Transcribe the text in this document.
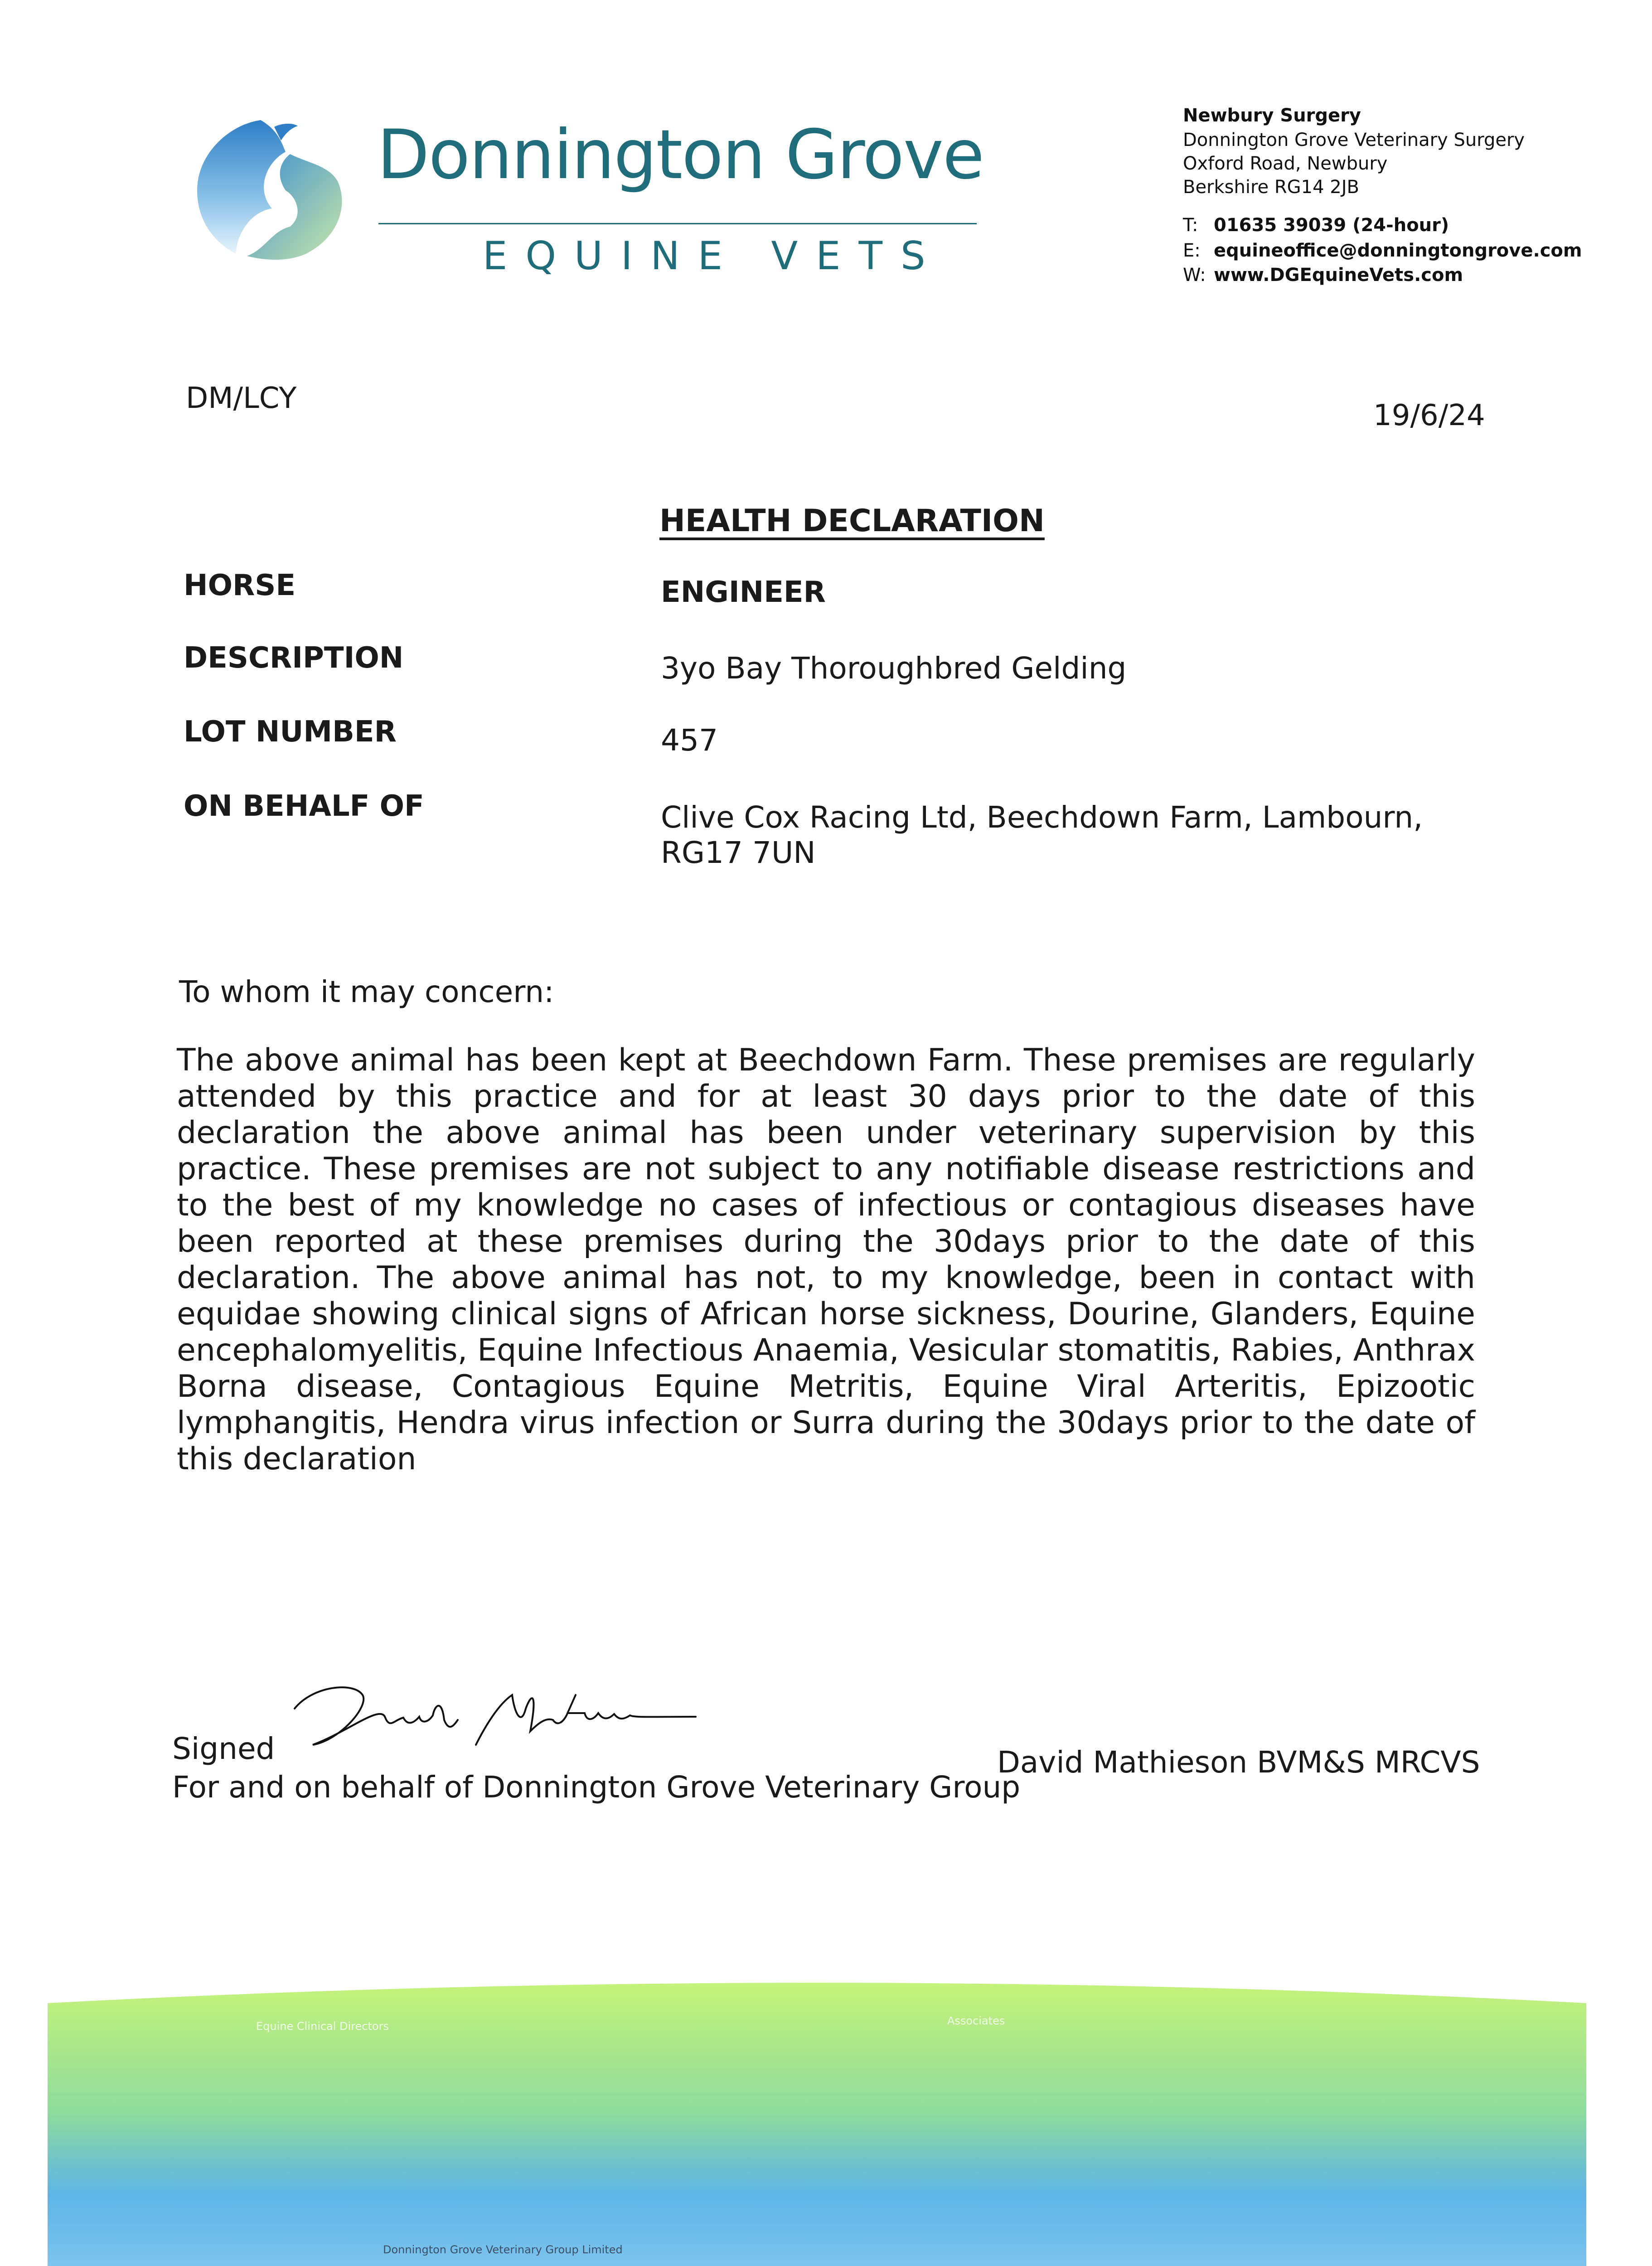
Donnington Grove
EQUINE VETS
Newbury Surgery
Donnington Grove Veterinary Surgery
Oxford Road, Newbury
Berkshire RG14 2JB
T: 01635 39039 (24-hour)
E: equineoffice@donningtongrove.com
W: www.DGEquineVets.com
DM/LCY
19/6/24
HEALTH DECLARATION
HORSE	ENGINEER
DESCRIPTION	3yo Bay Thoroughbred Gelding
LOT NUMBER	457
ON BEHALF OF	Clive Cox Racing Ltd, Beechdown Farm, Lambourn,
RG17 7UN
To whom it may concern:
The above animal has been kept at Beechdown Farm. These premises are regularly attended by this practice and for at least 30 days prior to the date of this declaration the above animal has been under veterinary supervision by this practice. These premises are not subject to any notifiable disease restrictions and to the best of my knowledge no cases of infectious or contagious diseases have been reported at these premises during the 30days prior to the date of this declaration. The above animal has not, to my knowledge, been in contact with equidae showing clinical signs of African horse sickness, Dourine, Glanders, Equine encephalomyelitis, Equine Infectious Anaemia, Vesicular stomatitis, Rabies, Anthrax Borna disease, Contagious Equine Metritis, Equine Viral Arteritis, Epizootic lymphangitis, Hendra virus infection or Surra during the 30days prior to the date of this declaration
Signed	David Mathieson BVM&S MRCVS
For and on behalf of Donnington Grove Veterinary Group
Equine Clinical Directors	Associates
Donnington Grove Veterinary Group Limited
